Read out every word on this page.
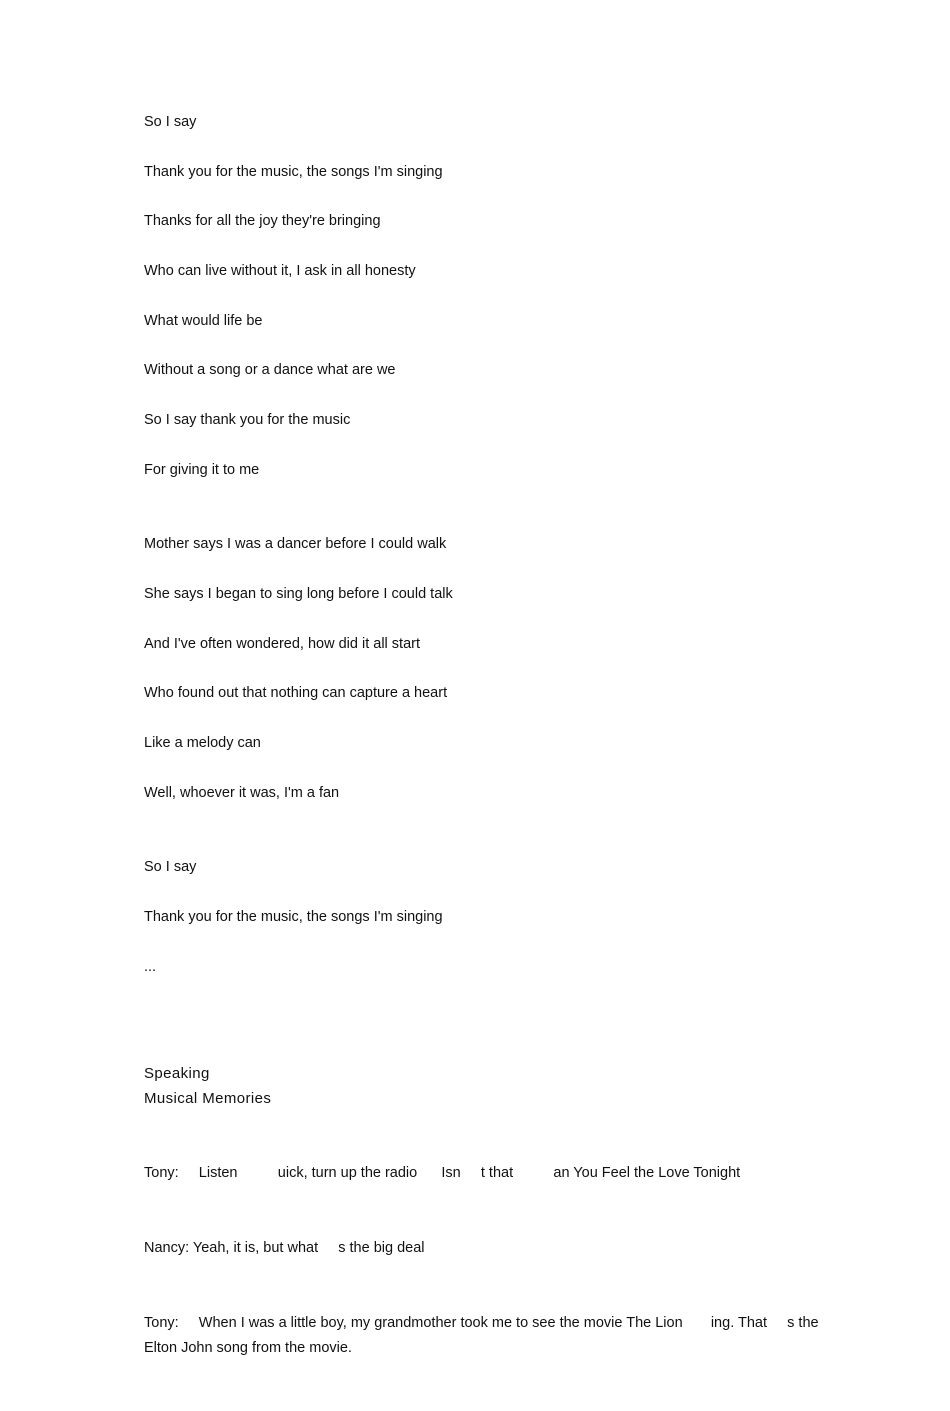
So I say
Thank you for the music, the songs I'm singing
Thanks for all the joy they're bringing
Who can live without it, I ask in all honesty
What would life be
Without a song or a dance what are we
So I say thank you for the music
For giving it to me
Mother says I was a dancer before I could walk
She says I began to sing long before I could talk
And I've often wondered, how did it all start
Who found out that nothing can capture a heart
Like a melody can
Well, whoever it was, I'm a fan
So I say
Thank you for the music, the songs I'm singing
...
Speaking
Musical Memories

Tony:     Listen          uick, turn up the radio      Isn     t that          an You Feel the Love Tonight

Nancy: Yeah, it is, but what     s the big deal

Tony:     When I was a little boy, my grandmother took me to see the movie The Lion       ing. That     s the Elton John song from the movie.
